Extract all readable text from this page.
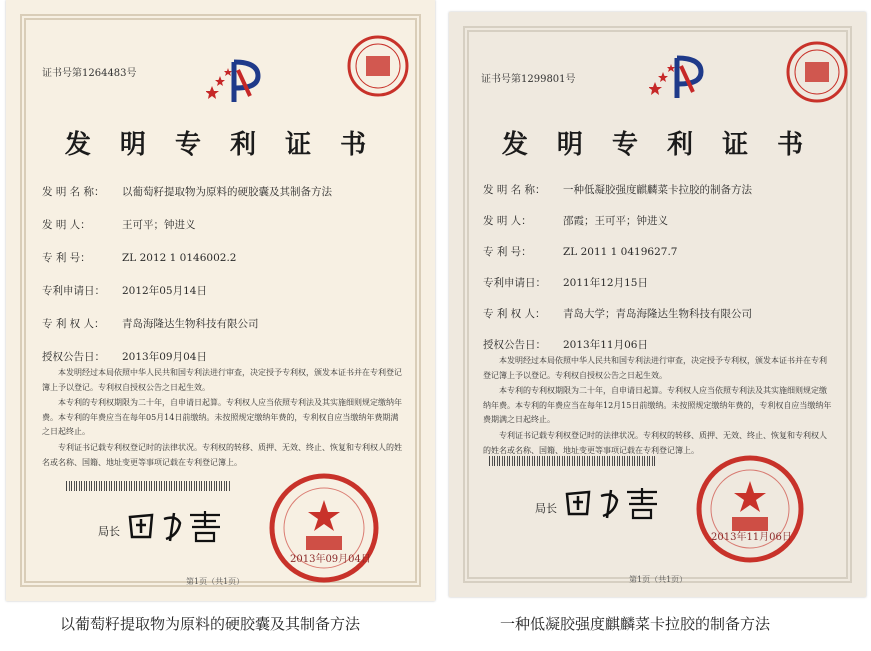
证书号第1264483号
发 明 专 利 证 书
发 明 名 称： 以葡萄籽提取物为原料的硬胶囊及其制备方法
发 明 人：	王可平；钟进义
专 利 号：	ZL 2012 1 0146002.2
专利申请日： 2012年05月14日
专 利 权 人： 青岛海隆达生物科技有限公司
授权公告日： 2013年09月04日

本发明经过本局依照中华人民共和国专利法进行审查，决定授予专利权，颁发本证书并在专利登记簿上予以登记。专利权自授权公告之日起生效。

本专利的专利权期限为二十年，自申请日起算。专利权人应当依照专利法及其实施细则规定缴纳年费。本专利的年费应当在每年05月14日前缴纳。未按照规定缴纳年费的，专利权自应当缴纳年费期满之日起终止。

专利证书记载专利权登记时的法律状况。专利权的转移、质押、无效、终止、恢复和专利权人的姓名或名称、国籍、地址变更等事项记载在专利登记簿上。

局长
2013年09月04日
第1页（共1页）
证书号第1299801号
发 明 专 利 证 书
发 明 名 称： 一种低凝胶强度麒麟菜卡拉胶的制备方法
发 明 人：	邵霞；王可平；钟进义
专 利 号：	ZL 2011 1 0419627.7
专利申请日： 2011年12月15日
专 利 权 人： 青岛大学；青岛海隆达生物科技有限公司
授权公告日： 2013年11月06日

本发明经过本局依照中华人民共和国专利法进行审查，决定授予专利权，颁发本证书并在专利登记簿上予以登记。专利权自授权公告之日起生效。

本专利的专利权期限为二十年，自申请日起算。专利权人应当依照专利法及其实施细则规定缴纳年费。本专利的年费应当在每年12月15日前缴纳。未按照规定缴纳年费的，专利权自应当缴纳年费期满之日起终止。

专利证书记载专利权登记时的法律状况。专利权的转移、质押、无效、终止、恢复和专利权人的姓名或名称、国籍、地址变更等事项记载在专利登记簿上。

局长
2013年11月06日
第1页（共1页）
以葡萄籽提取物为原料的硬胶囊及其制备方法	一种低凝胶强度麒麟菜卡拉胶的制备方法
